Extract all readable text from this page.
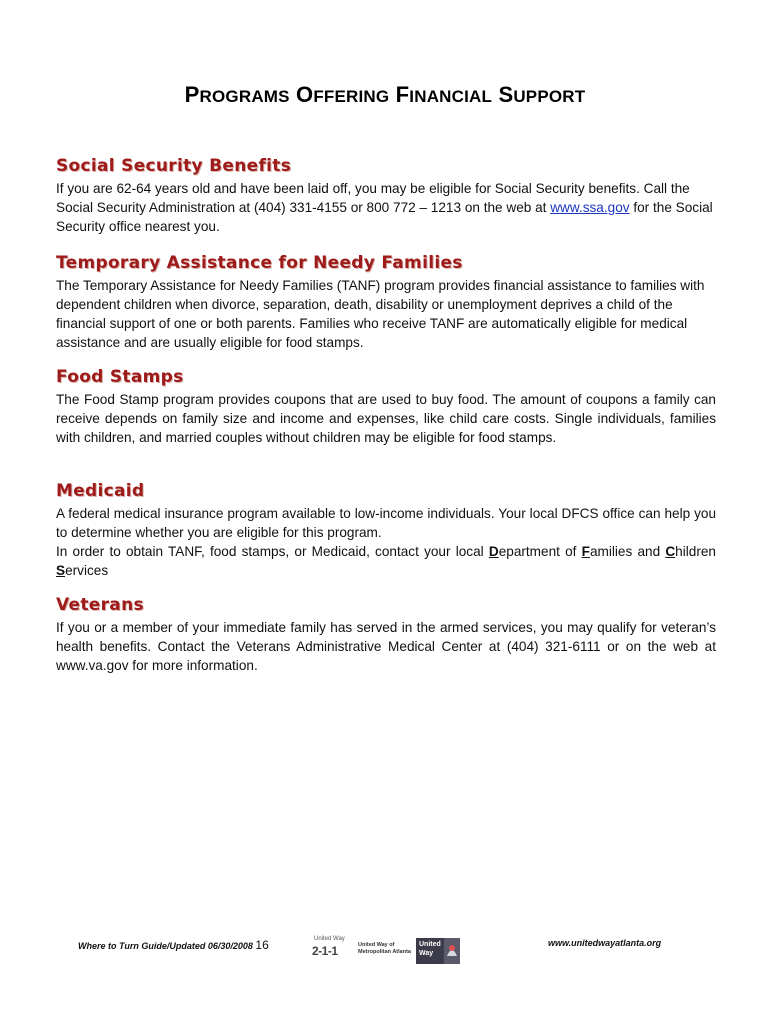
PROGRAMS OFFERING FINANCIAL SUPPORT
Social Security Benefits

If you are 62-64 years old and have been laid off, you may be eligible for Social Security benefits. Call the Social Security Administration at (404) 331-4155 or 800 772 – 1213 on the web at www.ssa.gov for the Social Security office nearest you.

Temporary Assistance for Needy Families

The Temporary Assistance for Needy Families (TANF) program provides financial assistance to families with dependent children when divorce, separation, death, disability or unemployment deprives a child of the financial support of one or both parents. Families who receive TANF are automatically eligible for medical assistance and are usually eligible for food stamps.

Food Stamps

The Food Stamp program provides coupons that are used to buy food. The amount of coupons a family can receive depends on family size and income and expenses, like child care costs. Single individuals, families with children, and married couples without children may be eligible for food stamps.

Medicaid

A federal medical insurance program available to low-income individuals. Your local DFCS office can help you to determine whether you are eligible for this program.

In order to obtain TANF, food stamps, or Medicaid, contact your local Department of Families and Children Services

Veterans

If you or a member of your immediate family has served in the armed services, you may qualify for veteran’s health benefits. Contact the Veterans Administrative Medical Center at (404) 321-6111 or on the web at www.va.gov for more information.

Where to Turn Guide/Updated 06/30/2008 16	United Way
2-1-1	United Way of
Metropolitan Atlanta
United
Way
www.unitedwayatlanta.org
